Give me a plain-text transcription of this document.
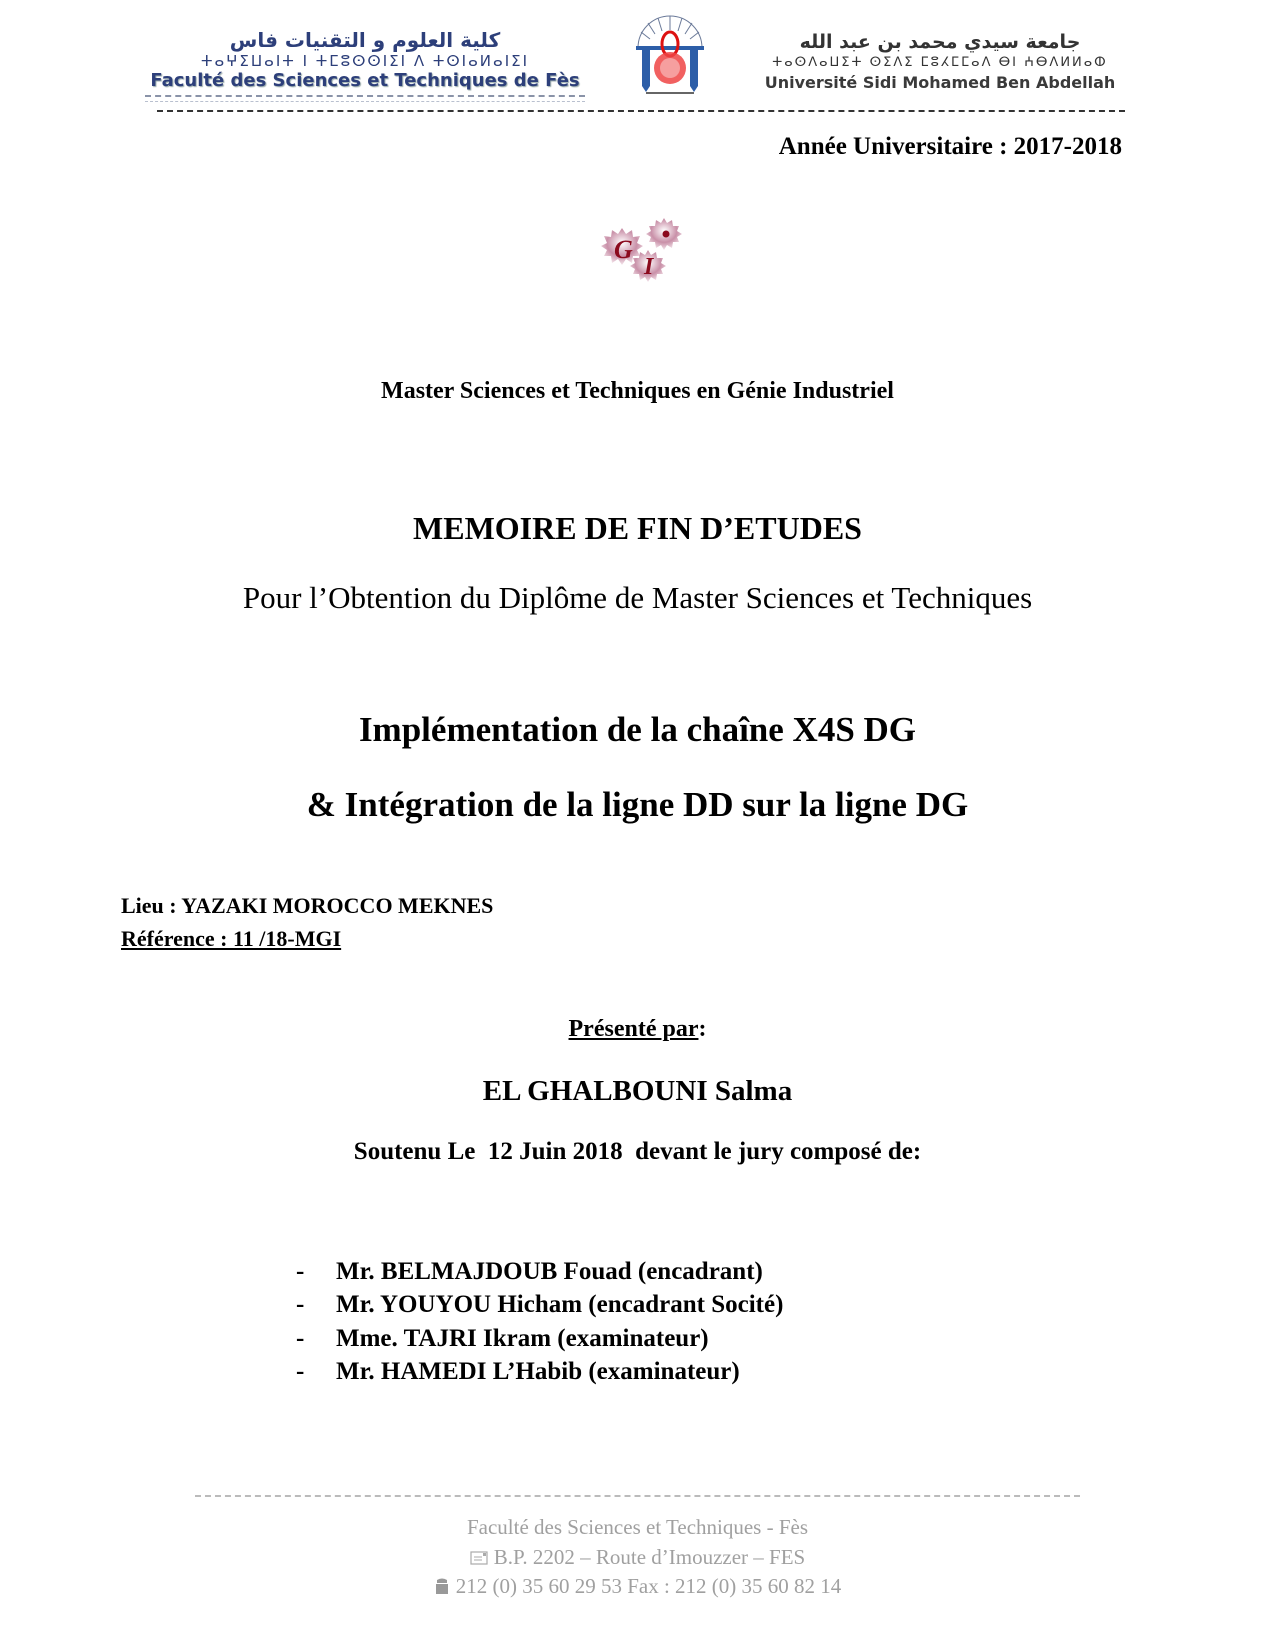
كلية العلوم و التقنيات فاس
ⵜⴰⵖⵉⵡⴰⵏⵜ ⵏ ⵜⵎⵓⵙⵙⵏⵉⵏ ⴷ ⵜⵙⵏⴰⵍⴰⵏⵉⵏ
Faculté des Sciences et Techniques de Fès
جامعة سيدي محمد بن عبد الله
ⵜⴰⵙⴷⴰⵡⵉⵜ ⵙⵉⴷⵉ ⵎⵓⵃⵎⵎⴰⴷ ⴱⵏ ⵄⴱⴷⵍⵍⴰⵀ
Université Sidi Mohamed Ben Abdellah
Année Universitaire : 2017-2018
G
I
Master Sciences et Techniques en Génie Industriel
MEMOIRE DE FIN D’ETUDES
Pour l’Obtention du Diplôme de Master Sciences et Techniques
Implémentation de la chaîne X4S DG
& Intégration de la ligne DD sur la ligne DG
Lieu : YAZAKI MOROCCO MEKNES
Référence : 11 /18-MGI
Présenté par:
EL GHALBOUNI Salma
Soutenu Le  12 Juin 2018  devant le jury composé de:
-	Mr. BELMAJDOUB Fouad (encadrant)
-	Mr. YOUYOU Hicham (encadrant Socité)
-	Mme. TAJRI Ikram (examinateur)
-	Mr. HAMEDI L’Habib (examinateur)
Faculté des Sciences et Techniques - Fès
B.P. 2202 – Route d’Imouzzer – FES
212 (0) 35 60 29 53 Fax : 212 (0) 35 60 82 14
